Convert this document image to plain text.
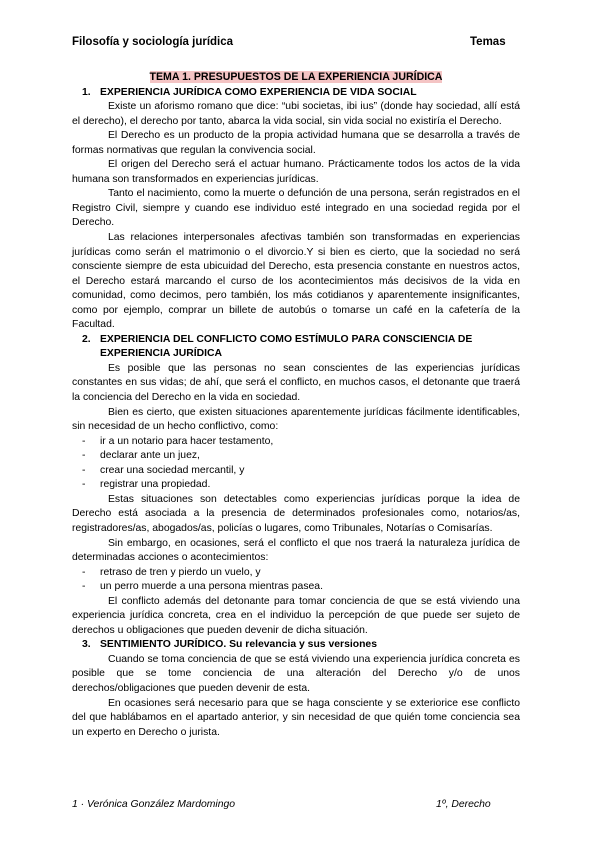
Filosofía y sociología jurídica	Temas
TEMA 1. PRESUPUESTOS DE LA EXPERIENCIA JURÍDICA
1. EXPERIENCIA JURÍDICA COMO EXPERIENCIA DE VIDA SOCIAL

Existe un aforismo romano que dice: “ubi societas, ibi ius” (donde hay sociedad, allí está el derecho), el derecho por tanto, abarca la vida social, sin vida social no existiría el Derecho.

El Derecho es un producto de la propia actividad humana que se desarrolla a través de formas normativas que regulan la convivencia social.

El origen del Derecho será el actuar humano. Prácticamente todos los actos de la vida humana son transformados en experiencias jurídicas.

Tanto el nacimiento, como la muerte o defunción de una persona, serán registrados en el Registro Civil, siempre y cuando ese individuo esté integrado en una sociedad regida por el Derecho.

Las relaciones interpersonales afectivas también son transformadas en experiencias jurídicas como serán el matrimonio o el divorcio.Y si bien es cierto, que la sociedad no será consciente siempre de esta ubicuidad del Derecho, esta presencia constante en nuestros actos, el Derecho estará marcando el curso de los acontecimientos más decisivos de la vida en comunidad, como decimos, pero también, los más cotidianos y aparentemente insignificantes, como por ejemplo, comprar un billete de autobús o tomarse un café en la cafetería de la Facultad.

2. EXPERIENCIA DEL CONFLICTO COMO ESTÍMULO PARA CONSCIENCIA DE EXPERIENCIA JURÍDICA

Es posible que las personas no sean conscientes de las experiencias jurídicas constantes en sus vidas; de ahí, que será el conflicto, en muchos casos, el detonante que traerá la conciencia del Derecho en la vida en sociedad.

Bien es cierto, que existen situaciones aparentemente jurídicas fácilmente identificables, sin necesidad de un hecho conflictivo, como:

-	ir a un notario para hacer testamento,
-	declarar ante un juez,
-	crear una sociedad mercantil, y
-	registrar una propiedad.

Estas situaciones son detectables como experiencias jurídicas porque la idea de Derecho está asociada a la presencia de determinados profesionales como, notarios/as, registradores/as, abogados/as, policías o lugares, como Tribunales, Notarías o Comisarías.

Sin embargo, en ocasiones, será el conflicto el que nos traerá la naturaleza jurídica de determinadas acciones o acontecimientos:

-	retraso de tren y pierdo un vuelo, y
-	un perro muerde a una persona mientras pasea.

El conflicto además del detonante para tomar conciencia de que se está viviendo una experiencia jurídica concreta, crea en el individuo la percepción de que puede ser sujeto de derechos u obligaciones que pueden devenir de dicha situación.

3. SENTIMIENTO JURÍDICO. Su relevancia y sus versiones

Cuando se toma conciencia de que se está viviendo una experiencia jurídica concreta es posible que se tome conciencia de una alteración del Derecho y/o de unos derechos/obligaciones que pueden devenir de esta.

En ocasiones será necesario para que se haga consciente y se exteriorice ese conflicto del que hablábamos en el apartado anterior, y sin necesidad de que quién tome conciencia sea un experto en Derecho o jurista.

1 · Verónica González Mardomingo	1º, Derecho
